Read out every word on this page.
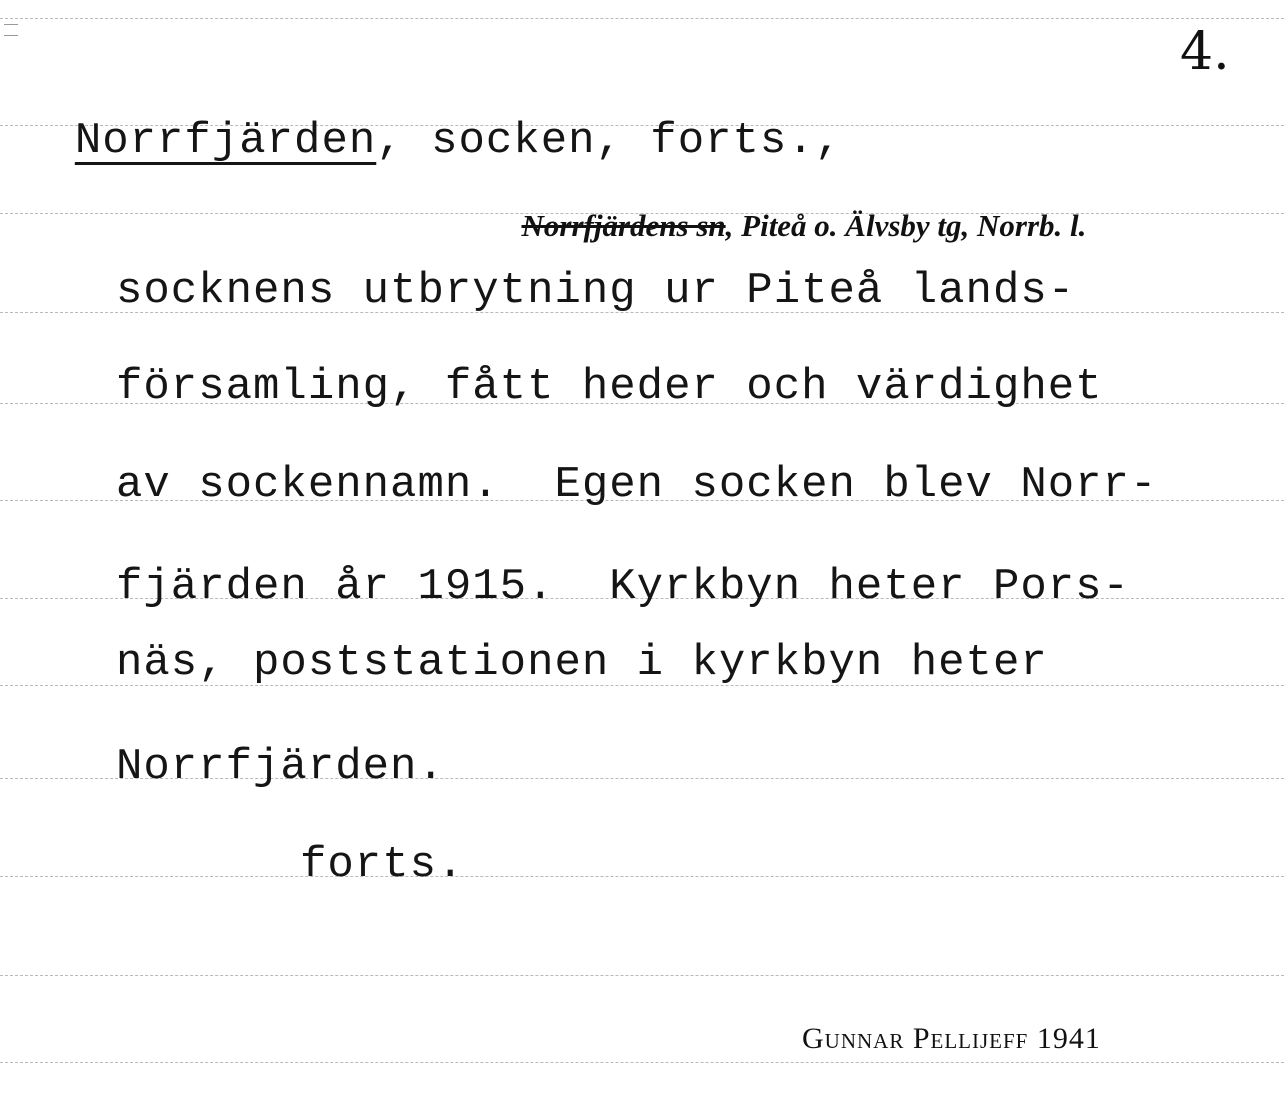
4.

Norrfjärden, socken, forts.,

Norrfjärdens sn, Piteå o. Älvsby tg, Norrb. l.

socknens utbrytning ur Piteå lands-
församling, fått heder och värdighet
av sockennamn.  Egen socken blev Norr-
fjärden år 1915.  Kyrkbyn heter Pors-
näs, poststationen i kyrkbyn heter
Norrfjärden.
forts.
Gunnar Pellijeff 1941
